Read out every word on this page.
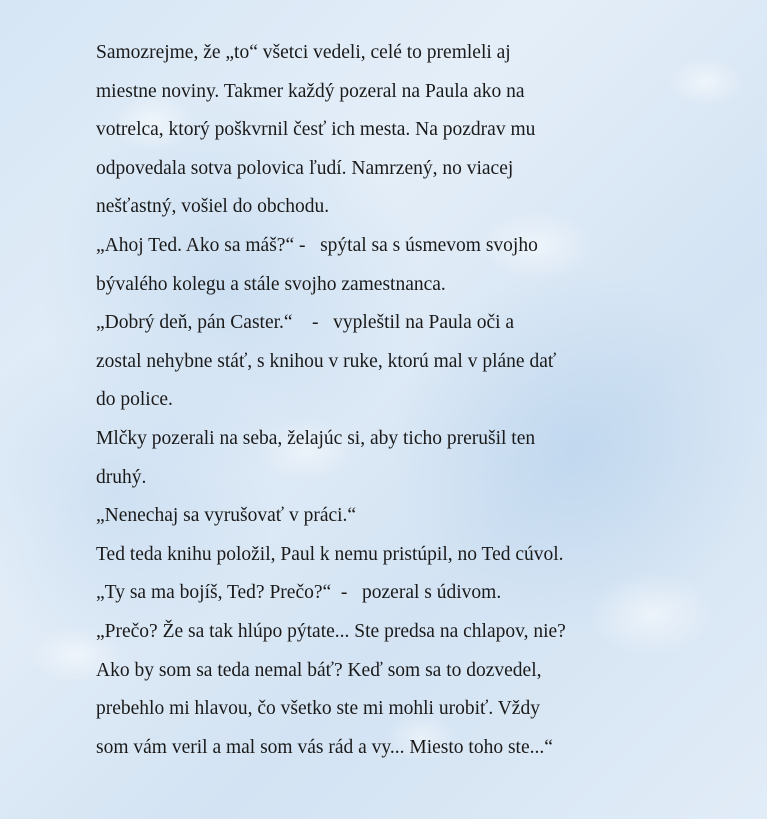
Samozrejme, že „to“ všetci vedeli, celé to premleli aj
miestne noviny. Takmer každý pozeral na Paula ako na
votrelca, ktorý poškvrnil česť ich mesta. Na pozdrav mu
odpovedala sotva polovica ľudí. Namrzený, no viacej
nešťastný, vošiel do obchodu.
„Ahoj Ted. Ako sa máš?“ -   spýtal sa s úsmevom svojho
bývalého kolegu a stále svojho zamestnanca.
„Dobrý deň, pán Caster.“    -   vypleštil na Paula oči a
zostal nehybne stáť, s knihou v ruke, ktorú mal v pláne dať
do police.
Mlčky pozerali na seba, želajúc si, aby ticho prerušil ten
druhý.
„Nenechaj sa vyrušovať v práci.“
Ted teda knihu položil, Paul k nemu pristúpil, no Ted cúvol.
„Ty sa ma bojíš, Ted? Prečo?“  -   pozeral s údivom.
„Prečo? Že sa tak hlúpo pýtate... Ste predsa na chlapov, nie?
Ako by som sa teda nemal báť? Keď som sa to dozvedel,
prebehlo mi hlavou, čo všetko ste mi mohli urobiť. Vždy
som vám veril a mal som vás rád a vy... Miesto toho ste...“
